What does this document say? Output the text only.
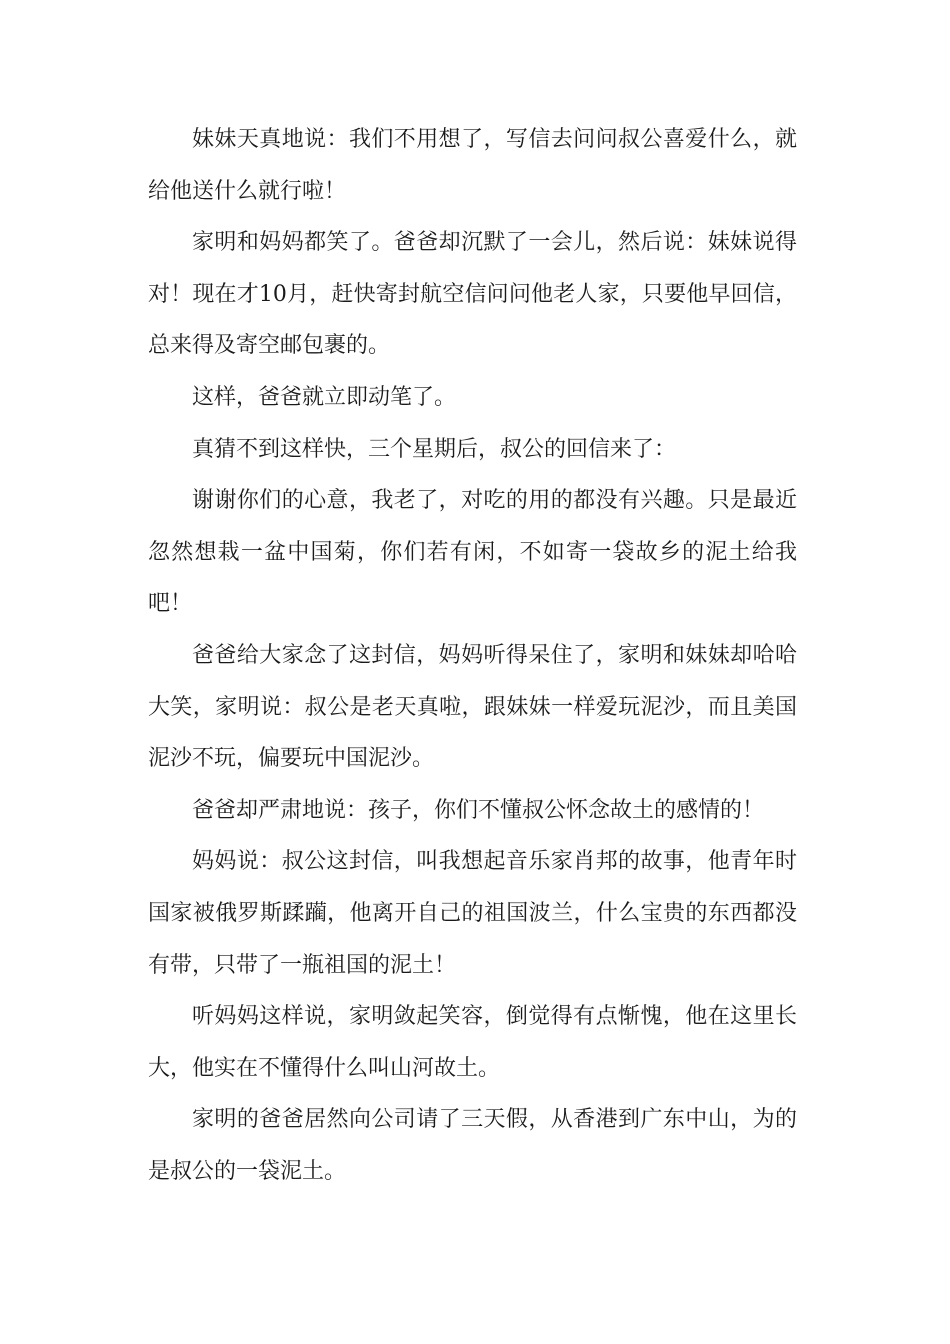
妹妹天真地说：我们不用想了，写信去问问叔公喜爱什么，就给他送什么就行啦！

家明和妈妈都笑了。爸爸却沉默了一会儿，然后说：妹妹说得对！现在才10月，赶快寄封航空信问问他老人家，只要他早回信，总来得及寄空邮包裹的。

这样，爸爸就立即动笔了。

真猜不到这样快，三个星期后，叔公的回信来了：

谢谢你们的心意，我老了，对吃的用的都没有兴趣。只是最近忽然想栽一盆中国菊，你们若有闲，不如寄一袋故乡的泥土给我吧！

爸爸给大家念了这封信，妈妈听得呆住了，家明和妹妹却哈哈大笑，家明说：叔公是老天真啦，跟妹妹一样爱玩泥沙，而且美国泥沙不玩，偏要玩中国泥沙。

爸爸却严肃地说：孩子，你们不懂叔公怀念故土的感情的！

妈妈说：叔公这封信，叫我想起音乐家肖邦的故事，他青年时国家被俄罗斯蹂躏，他离开自己的祖国波兰，什么宝贵的东西都没有带，只带了一瓶祖国的泥土！

听妈妈这样说，家明敛起笑容，倒觉得有点惭愧，他在这里长大，他实在不懂得什么叫山河故土。

家明的爸爸居然向公司请了三天假，从香港到广东中山，为的是叔公的一袋泥土。
